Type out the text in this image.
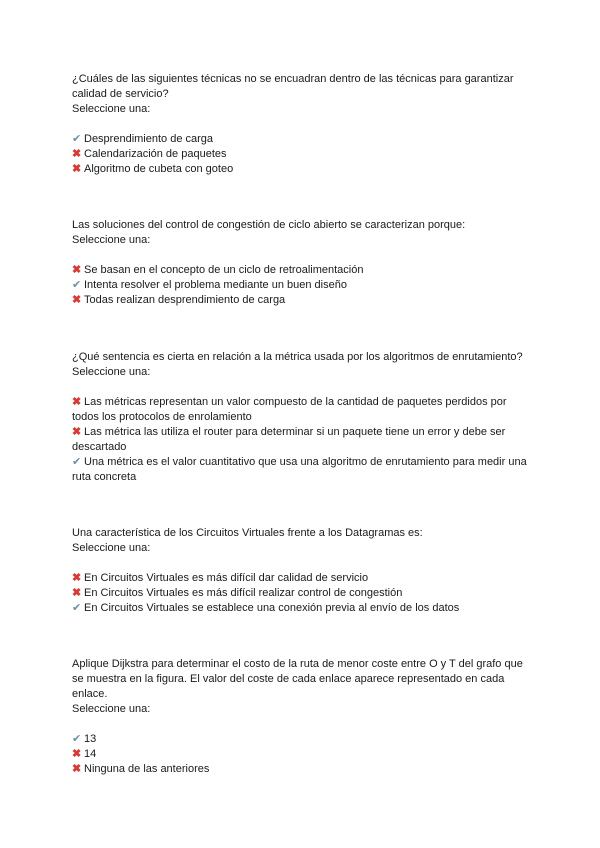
¿Cuáles de las siguientes técnicas no se encuadran dentro de las técnicas para garantizar calidad de servicio?

Seleccione una:

✔ Desprendimiento de carga
✖ Calendarización de paquetes
✖ Algoritmo de cubeta con goteo

Las soluciones del control de congestión de ciclo abierto se caracterizan porque:

Seleccione una:

✖ Se basan en el concepto de un ciclo de retroalimentación
✔ Intenta resolver el problema mediante un buen diseño
✖ Todas realizan desprendimiento de carga

¿Qué sentencia es cierta en relación a la métrica usada por los algoritmos de enrutamiento?

Seleccione una:

✖ Las métricas representan un valor compuesto de la cantidad de paquetes perdidos por todos los protocolos de enrolamiento
✖ Las métrica las utiliza el router para determinar si un paquete tiene un error y debe ser descartado
✔ Una métrica es el valor cuantitativo que usa una algoritmo de enrutamiento para medir una ruta concreta

Una característica de los Circuitos Virtuales frente a los Datagramas es:

Seleccione una:

✖ En Circuitos Virtuales es más difícil dar calidad de servicio
✖ En Circuitos Virtuales es más difícil realizar control de congestión
✔ En Circuitos Virtuales se establece una conexión previa al envío de los datos

Aplique Dijkstra para determinar el costo de la ruta de menor coste entre O y T del grafo que se muestra en la figura. El valor del coste de cada enlace aparece representado en cada enlace.

Seleccione una:

✔ 13
✖ 14
✖ Ninguna de las anteriores
